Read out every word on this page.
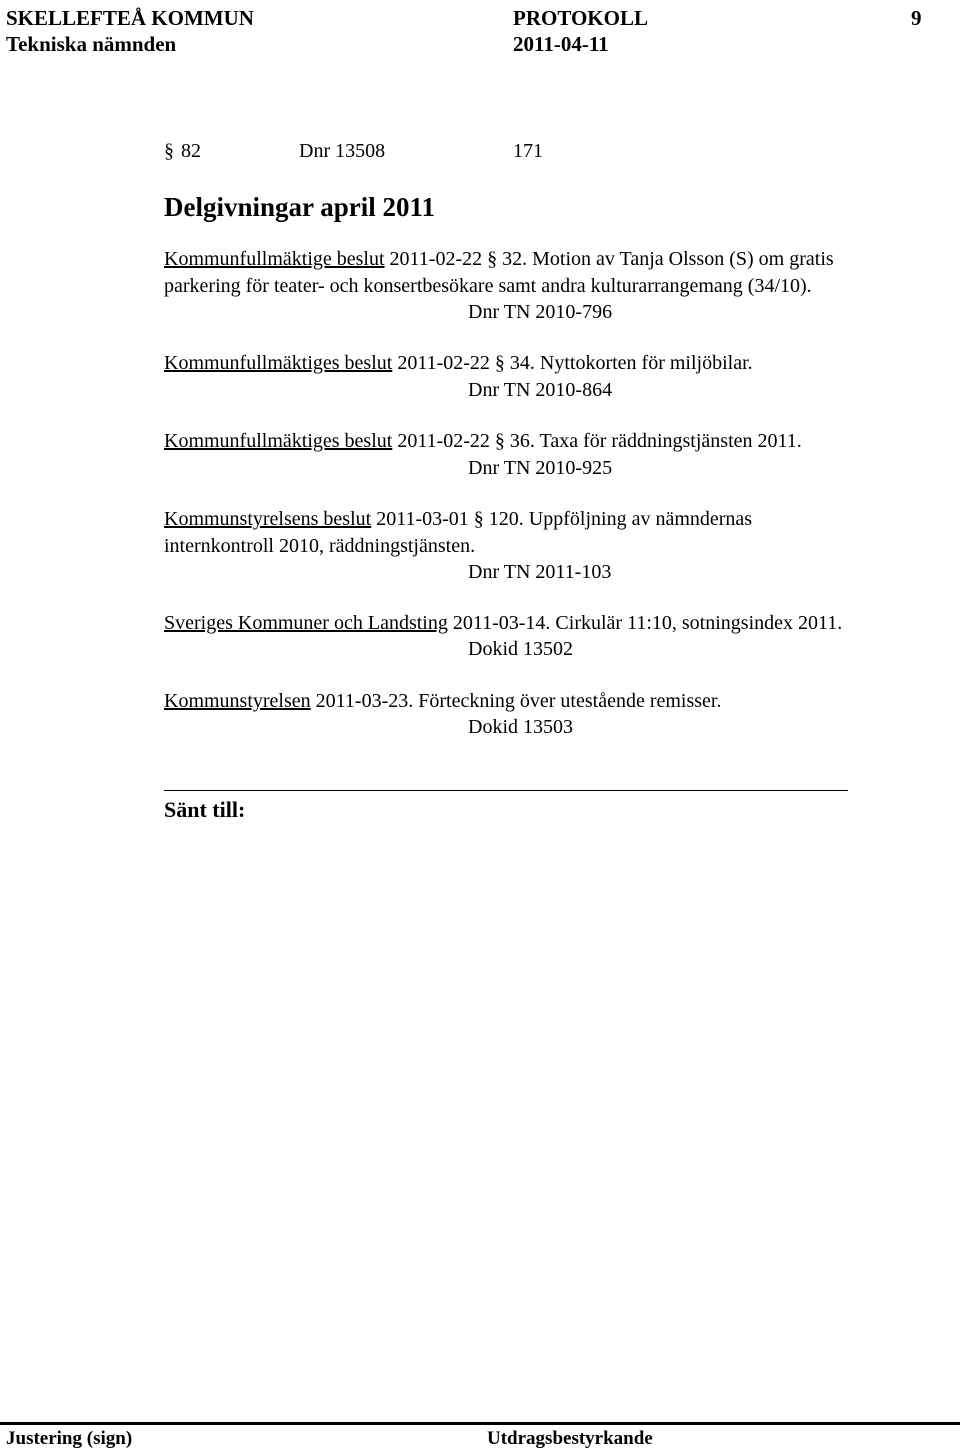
SKELLEFTEÅ KOMMUN
Tekniska nämnden
PROTOKOLL
2011-04-11
9
§ 82	Dnr 13508	171
Delgivningar april 2011
Kommunfullmäktige beslut 2011-02-22 § 32. Motion av Tanja Olsson (S) om gratis
parkering för teater- och konsertbesökare samt andra kulturarrangemang (34/10).
Dnr TN 2010-796
Kommunfullmäktiges beslut 2011-02-22 § 34. Nyttokorten för miljöbilar.
Dnr TN 2010-864
Kommunfullmäktiges beslut 2011-02-22 § 36. Taxa för räddningstjänsten 2011.
Dnr TN 2010-925
Kommunstyrelsens beslut 2011-03-01 § 120. Uppföljning av nämndernas
internkontroll 2010, räddningstjänsten.
Dnr TN 2011-103
Sveriges Kommuner och Landsting 2011-03-14. Cirkulär 11:10, sotningsindex 2011.
Dokid 13502
Kommunstyrelsen 2011-03-23. Förteckning över utestående remisser.
Dokid 13503
Sänt till:
Justering (sign)	Utdragsbestyrkande
